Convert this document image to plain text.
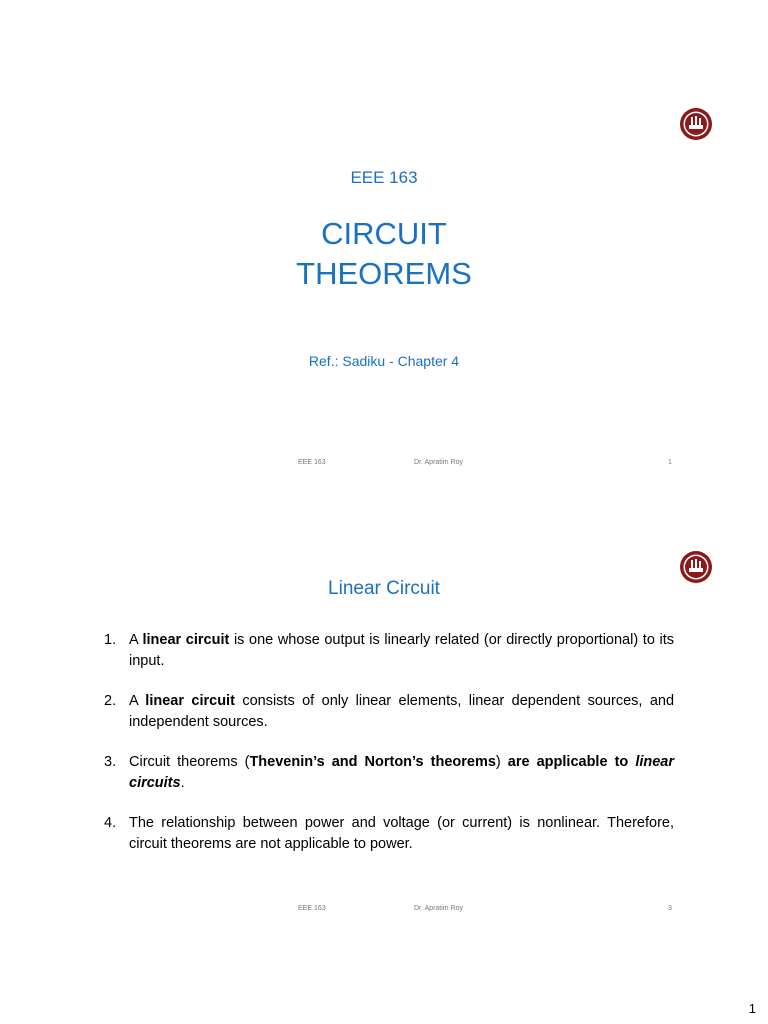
EEE 163
CIRCUIT
THEOREMS
Ref.: Sadiku - Chapter 4
EEE 163	Dr. Apratim Roy	1
Linear Circuit
1. A linear circuit is one whose output is linearly related (or directly proportional) to its input.
2. A linear circuit consists of only linear elements, linear dependent sources, and independent sources.
3. Circuit theorems (Thevenin’s and Norton’s theorems) are applicable to linear circuits.
4. The relationship between power and voltage (or current) is nonlinear. Therefore, circuit theorems are not applicable to power.
EEE 163	Dr. Apratim Roy	3
1
